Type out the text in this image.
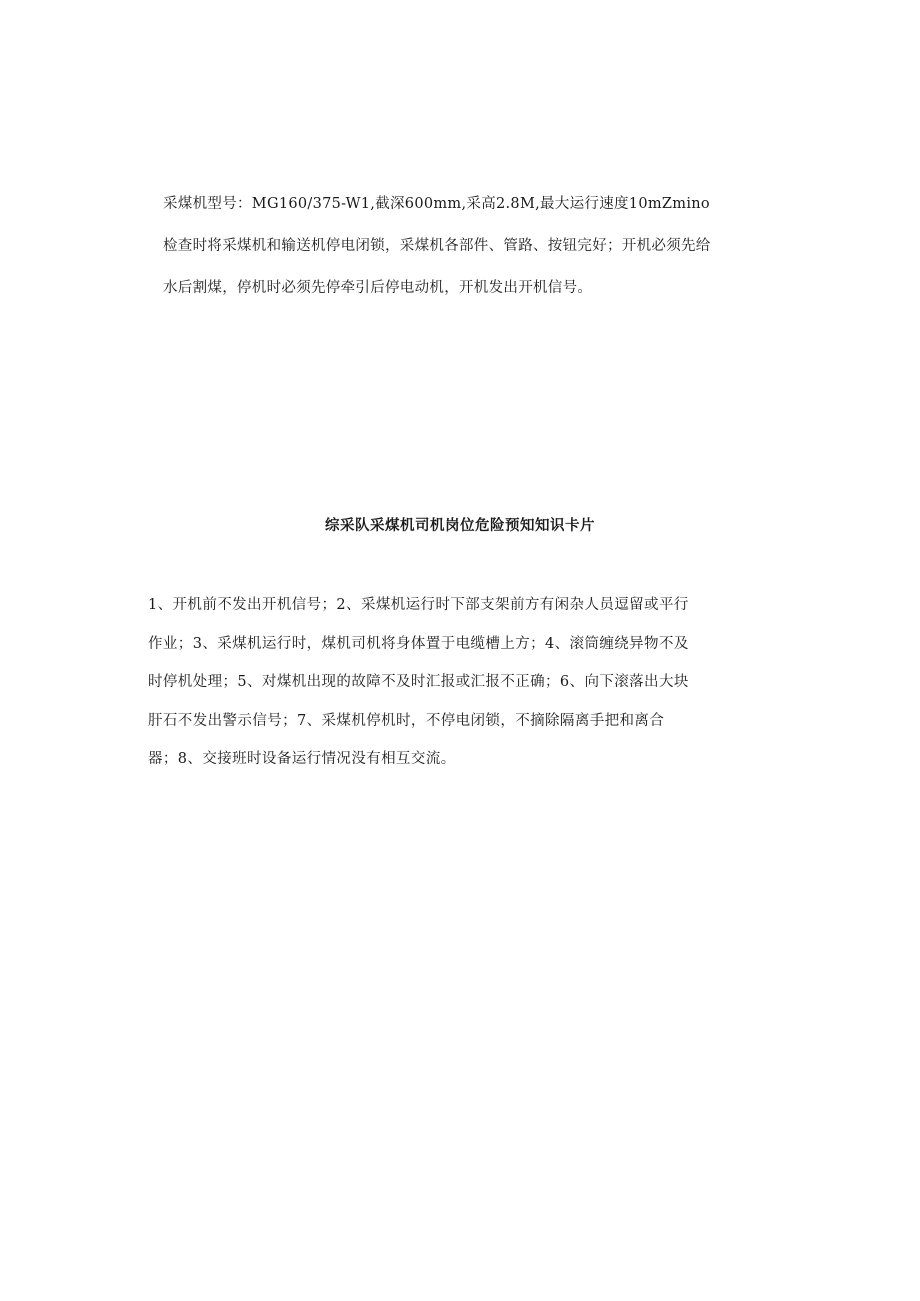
采煤机型号：MG160/375-W1,截深600mm,采高2.8M,最大运行速度10mZmino检查时将采煤机和输送机停电闭锁，采煤机各部件、管路、按钮完好；开机必须先给水后割煤，停机时必须先停牵引后停电动机，开机发出开机信号。

综采队采煤机司机岗位危险预知知识卡片

1、开机前不发出开机信号；2、采煤机运行时下部支架前方有闲杂人员逗留或平行作业；3、采煤机运行时，煤机司机将身体置于电缆槽上方；4、滚筒缠绕异物不及时停机处理；5、对煤机出现的故障不及时汇报或汇报不正确；6、向下滚落出大块肝石不发出警示信号；7、采煤机停机时，不停电闭锁，不摘除隔离手把和离合器；8、交接班时设备运行情况没有相互交流。
